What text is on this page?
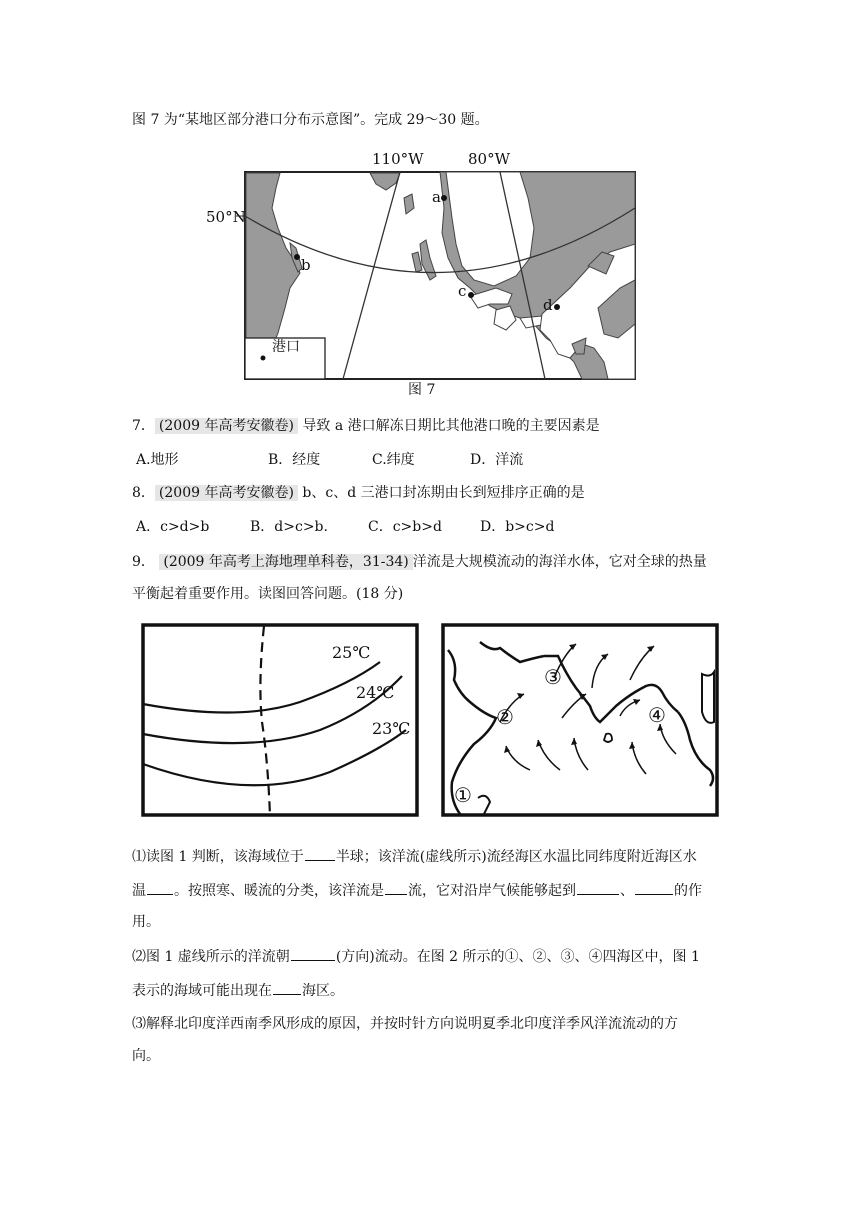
图 7 为“某地区部分港口分布示意图”。完成 29～30 题。
110°W	80°W
50°N
a
b
c
d
港口
图 7
7． (2009 年高考安徽卷) 导致 a 港口解冻日期比其他港口晚的主要因素是
A.地形	B．经度	C.纬度	D．洋流
8． (2009 年高考安徽卷) b、c、d 三港口封冻期由长到短排序正确的是
A．c>d>b	B．d>c>b.	C．c>b>d	D．b>c>d
9． (2009 年高考上海地理单科卷，31-34) 洋流是大规模流动的海洋水体，它对全球的热量
平衡起着重要作用。读图回答问题。(18 分)
25℃
24℃
23℃
①
②
③
④
⑴读图 1 判断，该海域位于 半球；该洋流(虚线所示)流经海区水温比同纬度附近海区水
温 。按照寒、暖流的分类，该洋流是 流，它对沿岸气候能够起到	、	的作
用。
⑵图 1 虚线所示的洋流朝	(方向)流动。在图 2 所示的①、②、③、④四海区中，图 1
表示的海域可能出现在 海区。
⑶解释北印度洋西南季风形成的原因，并按时针方向说明夏季北印度洋季风洋流流动的方
向。
